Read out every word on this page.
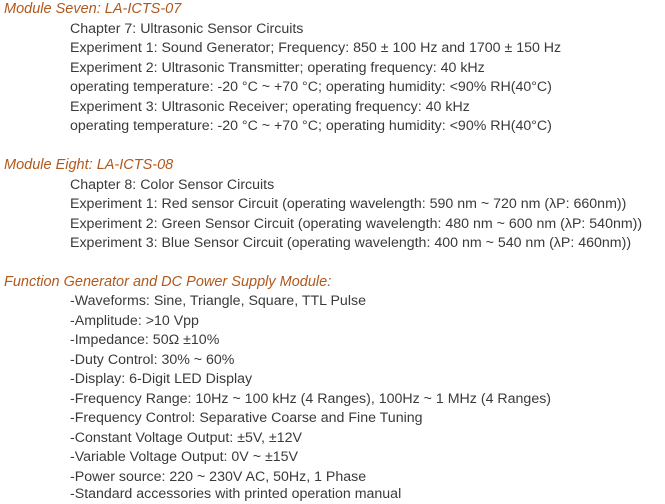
Module Seven: LA-ICTS-07
Chapter 7: Ultrasonic Sensor Circuits
Experiment 1: Sound Generator; Frequency: 850 ± 100 Hz and 1700 ± 150 Hz
Experiment 2: Ultrasonic Transmitter; operating frequency: 40 kHz
operating temperature: -20 °C ~ +70 °C; operating humidity: <90% RH(40°C)
Experiment 3: Ultrasonic Receiver; operating frequency: 40 kHz
operating temperature: -20 °C ~ +70 °C; operating humidity: <90% RH(40°C)
Module Eight: LA-ICTS-08
Chapter 8: Color Sensor Circuits
Experiment 1: Red sensor Circuit (operating wavelength: 590 nm ~ 720 nm (λP: 660nm))
Experiment 2: Green Sensor Circuit (operating wavelength: 480 nm ~ 600 nm (λP: 540nm))
Experiment 3: Blue Sensor Circuit (operating wavelength: 400 nm ~ 540 nm (λP: 460nm))
Function Generator and DC Power Supply Module:
-Waveforms: Sine, Triangle, Square, TTL Pulse
-Amplitude: >10 Vpp
-Impedance: 50Ω ±10%
-Duty Control: 30% ~ 60%
-Display: 6-Digit LED Display
-Frequency Range: 10Hz ~ 100 kHz (4 Ranges), 100Hz ~ 1 MHz (4 Ranges)
-Frequency Control: Separative Coarse and Fine Tuning
-Constant Voltage Output: ±5V, ±12V
-Variable Voltage Output: 0V ~ ±15V
-Power source: 220 ~ 230V AC, 50Hz, 1 Phase
-Standard accessories with printed operation manual
